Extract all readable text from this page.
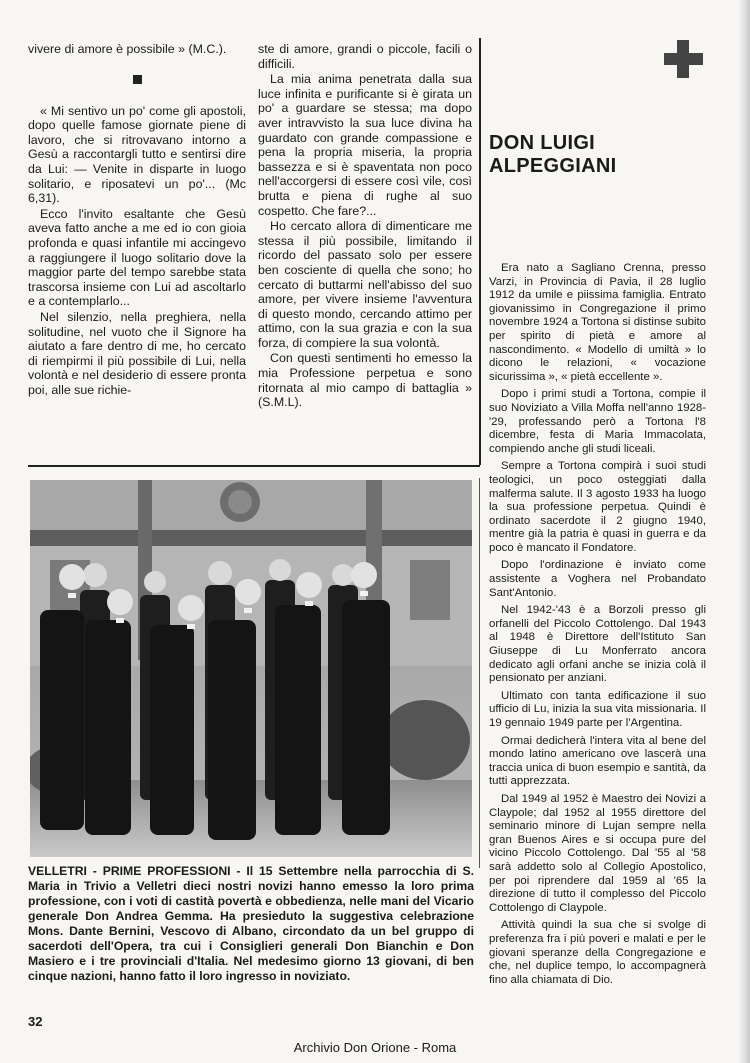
vivere di amore è possibile » (M.C.).

« Mi sentivo un po' come gli apostoli, dopo quelle famose giornate piene di lavoro, che si ritrovavano intorno a Gesù a raccontargli tutto e sentirsi dire da Lui: — Venite in disparte in luogo solitario, e riposatevi un po'... (Mc 6,31).

Ecco l'invito esaltante che Gesù aveva fatto anche a me ed io con gioia profonda e quasi infantile mi accingevo a raggiungere il luogo solitario dove la maggior parte del tempo sarebbe stata trascorsa insieme con Lui ad ascoltarlo e a contemplarlo...

Nel silenzio, nella preghiera, nella solitudine, nel vuoto che il Signore ha aiutato a fare dentro di me, ho cercato di riempirmi il più possibile di Lui, nella volontà e nel desiderio di essere pronta poi, alle sue richie-

ste di amore, grandi o piccole, facili o difficili.

La mia anima penetrata dalla sua luce infinita e purificante si è girata un po' a guardare se stessa; ma dopo aver intravvisto la sua luce divina ha guardato con grande compassione e pena la propria miseria, la propria bassezza e si è spaventata non poco nell'accorgersi di essere così vile, così brutta e piena di rughe al suo cospetto. Che fare?...

Ho cercato allora di dimenticare me stessa il più possibile, limitando il ricordo del passato solo per essere ben cosciente di quella che sono; ho cercato di buttarmi nell'abisso del suo amore, per vivere insieme l'avventura di questo mondo, cercando attimo per attimo, con la sua grazia e con la sua forza, di compiere la sua volontà.

Con questi sentimenti ho emesso la mia Professione perpetua e sono ritornata al mio campo di battaglia » (S.M.L).

DON LUIGI
ALPEGGIANI

Era nato a Sagliano Crenna, presso Varzi, in Provincia di Pavia, il 28 luglio 1912 da umile e piissima famiglia. Entrato giovanissimo in Congregazione il primo novembre 1924 a Tortona si distinse subito per spirito di pietà e amore al nascondimento. « Modello di umiltà » lo dicono le relazioni, « vocazione sicurissima », « pietà eccellente ».

Dopo i primi studi a Tortona, compie il suo Noviziato a Villa Moffa nell'anno 1928-'29, professando però a Tortona l'8 dicembre, festa di Maria Immacolata, compiendo anche gli studi liceali.

Sempre a Tortona compirà i suoi studi teologici, un poco osteggiati dalla malferma salute. Il 3 agosto 1933 ha luogo la sua professione perpetua. Quindi è ordinato sacerdote il 2 giugno 1940, mentre già la patria è quasi in guerra e da poco è mancato il Fondatore.

Dopo l'ordinazione è inviato come assistente a Voghera nel Probandato Sant'Antonio.

Nel 1942-'43 è a Borzoli presso gli orfanelli del Piccolo Cottolengo. Dal 1943 al 1948 è Direttore dell'Istituto San Giuseppe di Lu Monferrato ancora dedicato agli orfani anche se inizia colà il pensionato per anziani.

Ultimato con tanta edificazione il suo ufficio di Lu, inizia la sua vita missionaria. Il 19 gennaio 1949 parte per l'Argentina.

Ormai dedicherà l'intera vita al bene del mondo latino americano ove lascerà una traccia unica di buon esempio e santità, da tutti apprezzata.

Dal 1949 al 1952 è Maestro dei Novizi a Claypole; dal 1952 al 1955 direttore del seminario minore di Lujan sempre nella gran Buenos Aires e si occupa pure del vicino Piccolo Cottolengo. Dal '55 al '58 sarà addetto solo al Collegio Apostolico, per poi riprendere dal 1959 al '65 la direzione di tutto il complesso del Piccolo Cottolengo di Claypole.

Attività quindi la sua che si svolge di preferenza fra i più poveri e malati e per le giovani speranze della Congregazione e che, nel duplice tempo, lo accompagnerà fino alla chiamata di Dio.

VELLETRI - PRIME PROFESSIONI - Il 15 Settembre nella parrocchia di S. Maria in Trivio a Velletri dieci nostri novizi hanno emesso la loro prima professione, con i voti di castità povertà e obbedienza, nelle mani del Vicario generale Don Andrea Gemma. Ha presieduto la suggestiva celebrazione Mons. Dante Bernini, Vescovo di Albano, circondato da un bel gruppo di sacerdoti dell'Opera, tra cui i Consiglieri generali Don Bianchin e Don Masiero e i tre provinciali d'Italia. Nel medesimo giorno 13 giovani, di ben cinque nazioni, hanno fatto il loro ingresso in noviziato.
32
Archivio Don Orione - Roma
